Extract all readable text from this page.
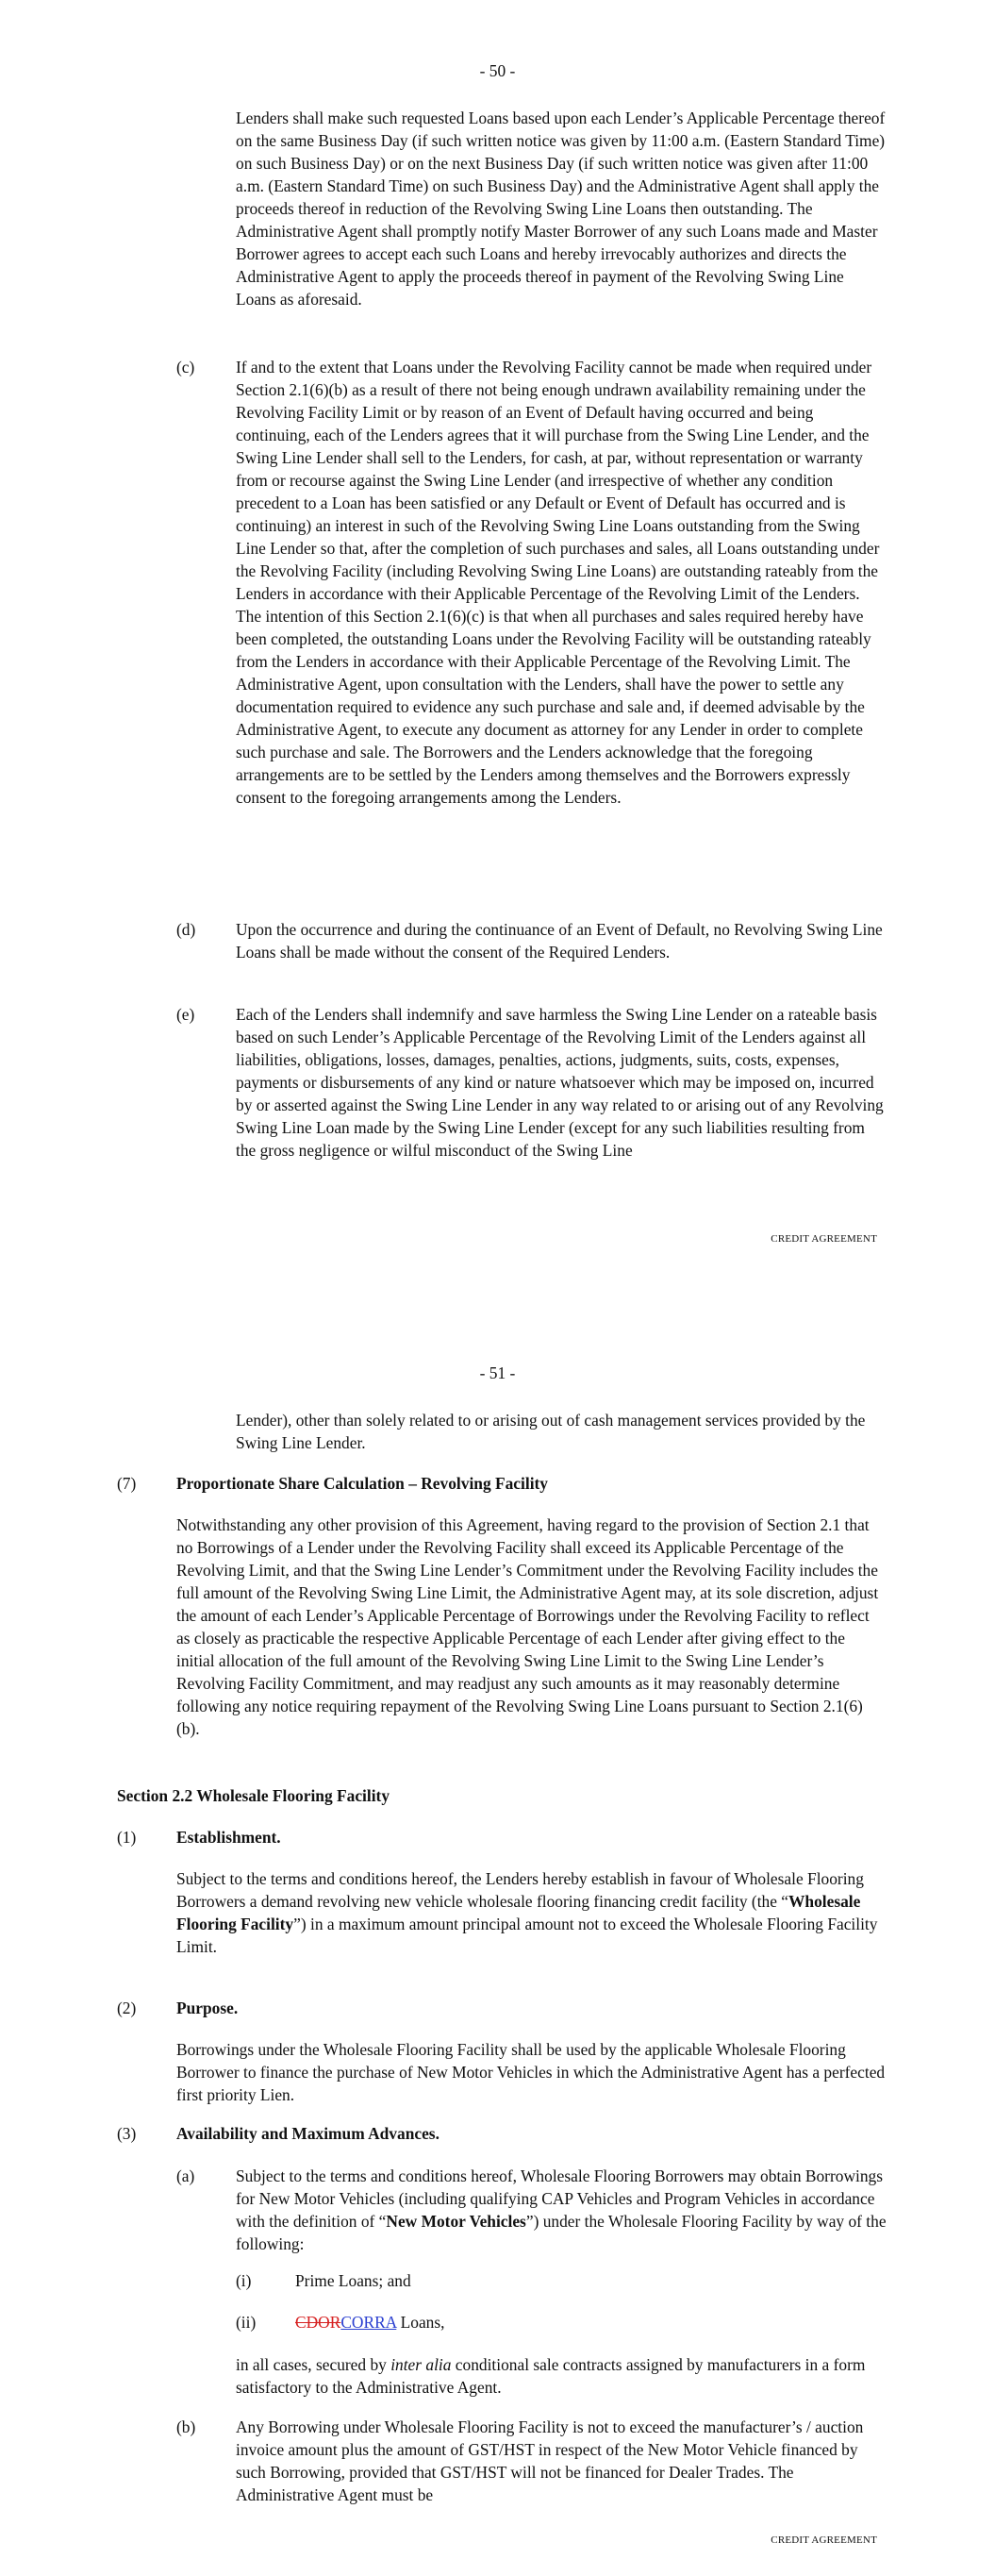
- 50 -

Lenders shall make such requested Loans based upon each Lender’s Applicable Percentage thereof on the same Business Day (if such written notice was given by 11:00 a.m. (Eastern Standard Time) on such Business Day) or on the next Business Day (if such written notice was given after 11:00 a.m. (Eastern Standard Time) on such Business Day) and the Administrative Agent shall apply the proceeds thereof in reduction of the Revolving Swing Line Loans then outstanding. The Administrative Agent shall promptly notify Master Borrower of any such Loans made and Master Borrower agrees to accept each such Loans and hereby irrevocably authorizes and directs the Administrative Agent to apply the proceeds thereof in payment of the Revolving Swing Line Loans as aforesaid.

(c)	If and to the extent that Loans under the Revolving Facility cannot be made when required under Section 2.1(6)(b) as a result of there not being enough undrawn availability remaining under the Revolving Facility Limit or by reason of an Event of Default having occurred and being continuing, each of the Lenders agrees that it will purchase from the Swing Line Lender, and the Swing Line Lender shall sell to the Lenders, for cash, at par, without representation or warranty from or recourse against the Swing Line Lender (and irrespective of whether any condition precedent to a Loan has been satisfied or any Default or Event of Default has occurred and is continuing) an interest in such of the Revolving Swing Line Loans outstanding from the Swing Line Lender so that, after the completion of such purchases and sales, all Loans outstanding under the Revolving Facility (including Revolving Swing Line Loans) are outstanding rateably from the Lenders in accordance with their Applicable Percentage of the Revolving Limit of the Lenders. The intention of this Section 2.1(6)(c) is that when all purchases and sales required hereby have been completed, the outstanding Loans under the Revolving Facility will be outstanding rateably from the Lenders in accordance with their Applicable Percentage of the Revolving Limit. The Administrative Agent, upon consultation with the Lenders, shall have the power to settle any documentation required to evidence any such purchase and sale and, if deemed advisable by the Administrative Agent, to execute any document as attorney for any Lender in order to complete such purchase and sale. The Borrowers and the Lenders acknowledge that the foregoing arrangements are to be settled by the Lenders among themselves and the Borrowers expressly consent to the foregoing arrangements among the Lenders.

(d) Upon the occurrence and during the continuance of an Event of Default, no Revolving Swing Line Loans shall be made without the consent of the Required Lenders.

(e)	Each of the Lenders shall indemnify and save harmless the Swing Line Lender on a rateable basis based on such Lender’s Applicable Percentage of the Revolving Limit of the Lenders against all liabilities, obligations, losses, damages, penalties, actions, judgments, suits, costs, expenses, payments or disbursements of any kind or nature whatsoever which may be imposed on, incurred by or asserted against the Swing Line Lender in any way related to or arising out of any Revolving Swing Line Loan made by the Swing Line Lender (except for any such liabilities resulting from the gross negligence or wilful misconduct of the Swing Line

CREDIT AGREEMENT
- 51 -

Lender), other than solely related to or arising out of cash management services provided by the Swing Line Lender.

(7) Proportionate Share Calculation – Revolving Facility

Notwithstanding any other provision of this Agreement, having regard to the provision of Section 2.1 that no Borrowings of a Lender under the Revolving Facility shall exceed its Applicable Percentage of the Revolving Limit, and that the Swing Line Lender’s Commitment under the Revolving Facility includes the full amount of the Revolving Swing Line Limit, the Administrative Agent may, at its sole discretion, adjust the amount of each Lender’s Applicable Percentage of Borrowings under the Revolving Facility to reflect as closely as practicable the respective Applicable Percentage of each Lender after giving effect to the initial allocation of the full amount of the Revolving Swing Line Limit to the Swing Line Lender’s Revolving Facility Commitment, and may readjust any such amounts as it may reasonably determine following any notice requiring repayment of the Revolving Swing Line Loans pursuant to Section 2.1(6)(b).

Section 2.2 Wholesale Flooring Facility
(1) Establishment.

Subject to the terms and conditions hereof, the Lenders hereby establish in favour of Wholesale Flooring Borrowers a demand revolving new vehicle wholesale flooring financing credit facility (the “Wholesale Flooring Facility”) in a maximum amount principal amount not to exceed the Wholesale Flooring Facility Limit.

(2) Purpose.

Borrowings under the Wholesale Flooring Facility shall be used by the applicable Wholesale Flooring Borrower to finance the purchase of New Motor Vehicles in which the Administrative Agent has a perfected first priority Lien.

(3) Availability and Maximum Advances.
(a)	Subject to the terms and conditions hereof, Wholesale Flooring Borrowers may obtain Borrowings for New Motor Vehicles (including qualifying CAP Vehicles and Program Vehicles in accordance with the definition of “New Motor Vehicles”) under the Wholesale Flooring Facility by way of the following:

(i)	Prime Loans; and
(ii) CDORCORRA Loans,

in all cases, secured by inter alia conditional sale contracts assigned by manufacturers in a form satisfactory to the Administrative Agent.

(b) Any Borrowing under Wholesale Flooring Facility is not to exceed the manufacturer’s / auction invoice amount plus the amount of GST/HST in respect of the New Motor Vehicle financed by such Borrowing, provided that GST/HST will not be financed for Dealer Trades. The Administrative Agent must be

CREDIT AGREEMENT
